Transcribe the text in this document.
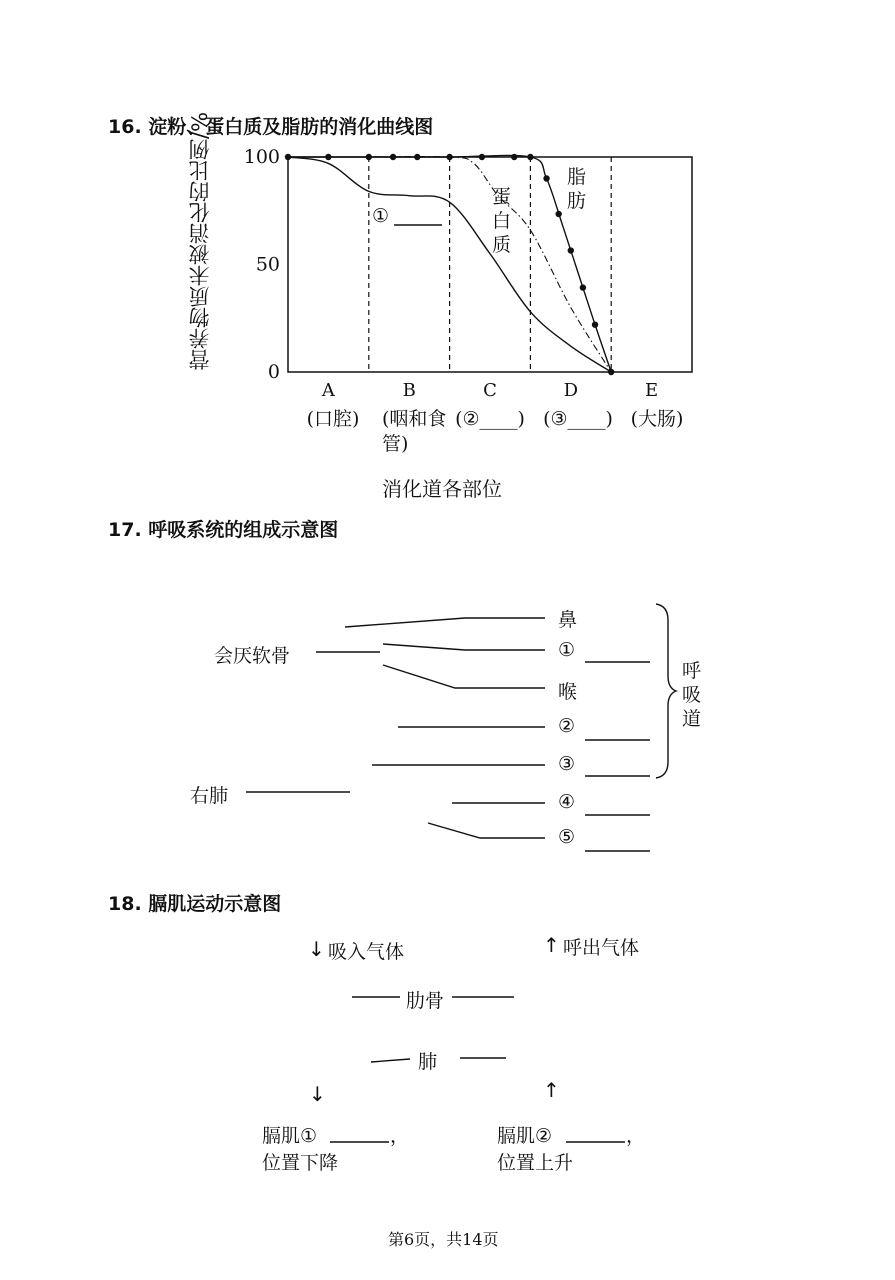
16. 淀粉、蛋白质及脂肪的消化曲线图
100
50
0
A	B	C	D	E
(口腔) (咽和食
管)
(②____) (③____) (大肠)
①
蛋
白
质
脂
肪
营养物质未被消化的比例/%
消化道各部位
17. 呼吸系统的组成示意图
会厌软骨
右肺
鼻
①
喉
②
③
④
⑤
呼
吸
道
18. 膈肌运动示意图
↓ 吸入气体	↑ 呼出气体
肋骨
肺
↓	↑
膈肌①	，
位置下降
膈肌②	，
位置上升
第6页，共14页
